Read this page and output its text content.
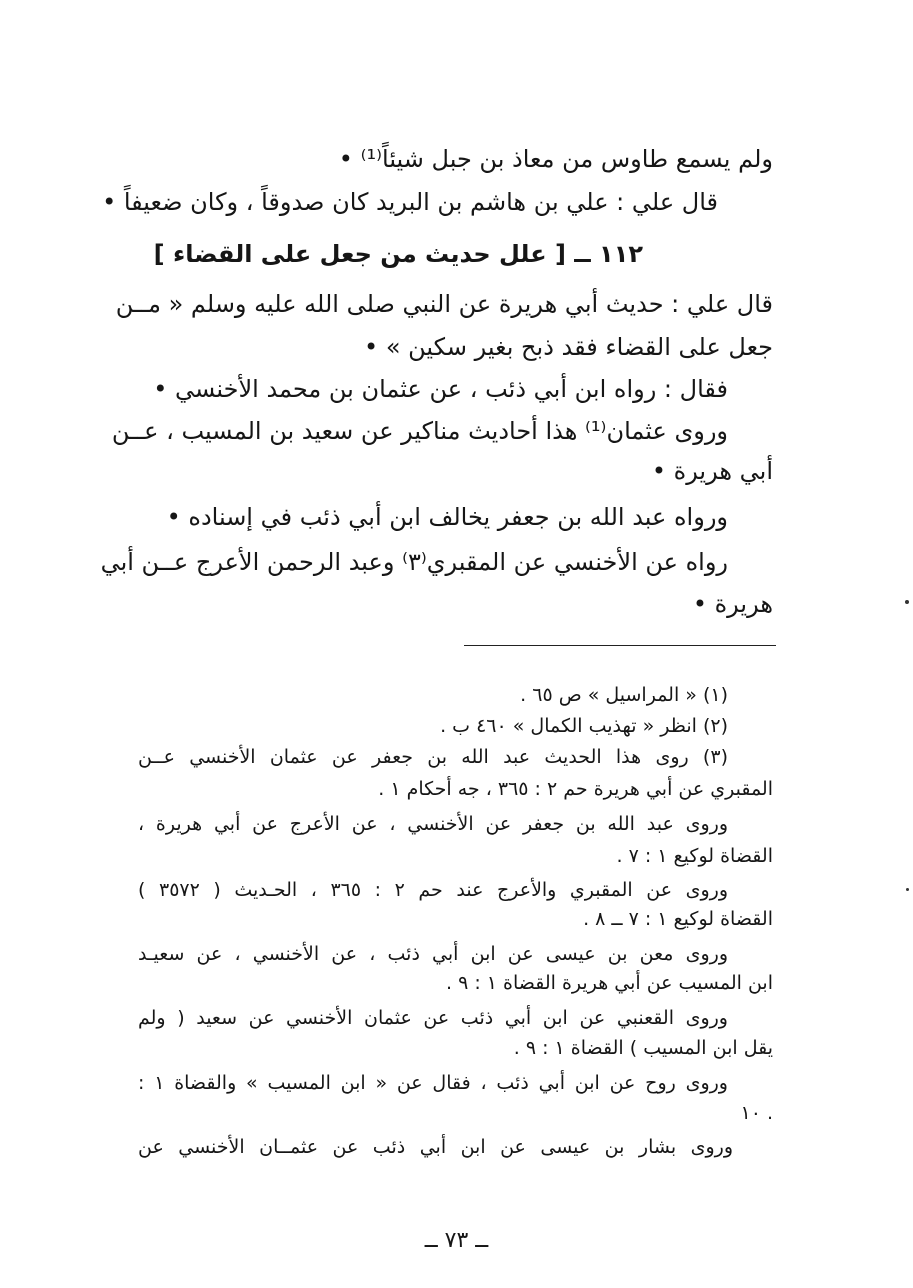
ولم يسمع طاوس من معاذ بن جبل شيئاً⁽¹⁾ •
قال علي : علي بن هاشم بن البريد كان صدوقاً ، وكان ضعيفاً •
١١٢ ــ [ علل حديث من جعل على القضاء ]
قال علي : حديث أبي هريرة عن النبي صلى الله عليه وسلم « مــن
جعل على القضاء فقد ذبح بغير سكين » •
فقال : رواه ابن أبي ذئب ، عن عثمان بن محمد الأخنسي •
وروى عثمان⁽¹⁾ هذا أحاديث مناكير عن سعيد بن المسيب ، عــن
أبي هريرة •
ورواه عبد الله بن جعفر يخالف ابن أبي ذئب في إسناده •
رواه عن الأخنسي عن المقبري⁽٣⁾ وعبد الرحمن الأعرج عــن أبي
هريرة •
(١) « المراسيل » ص ٦٥ .
(٢) انظر « تهذيب الكمال » ٤٦٠ ب .
(٣) روى هذا الحديث عبد الله بن جعفر عن عثمان الأخنسي عــن
المقبري عن أبي هريرة حم ٢ : ٣٦٥ ، جه أحكام ١ .
وروى عبد الله بن جعفر عن الأخنسي ، عن الأعرج عن أبي هريرة ،
القضاة لوكيع ١ : ٧ .
وروى عن المقبري والأعرج عند حم ٢ : ٣٦٥ ، الحـديث ( ٣٥٧٢ )
القضاة لوكيع ١ : ٧ ــ ٨ .
وروى معن بن عيسى عن ابن أبي ذئب ، عن الأخنسي ، عن سعيـد
ابن المسيب عن أبي هريرة القضاة ١ : ٩ .
وروى القعنبي عن ابن أبي ذئب عن عثمان الأخنسي عن سعيد ( ولم
يقل ابن المسيب ) القضاة ١ : ٩ .
وروى روح عن ابن أبي ذئب ، فقال عن « ابن المسيب » والقضاة ١ :
١٠ .
وروى بشار بن عيسى عن ابن أبي ذئب عن عثمــان الأخنسي عن
ــ ٧٣ ــ
